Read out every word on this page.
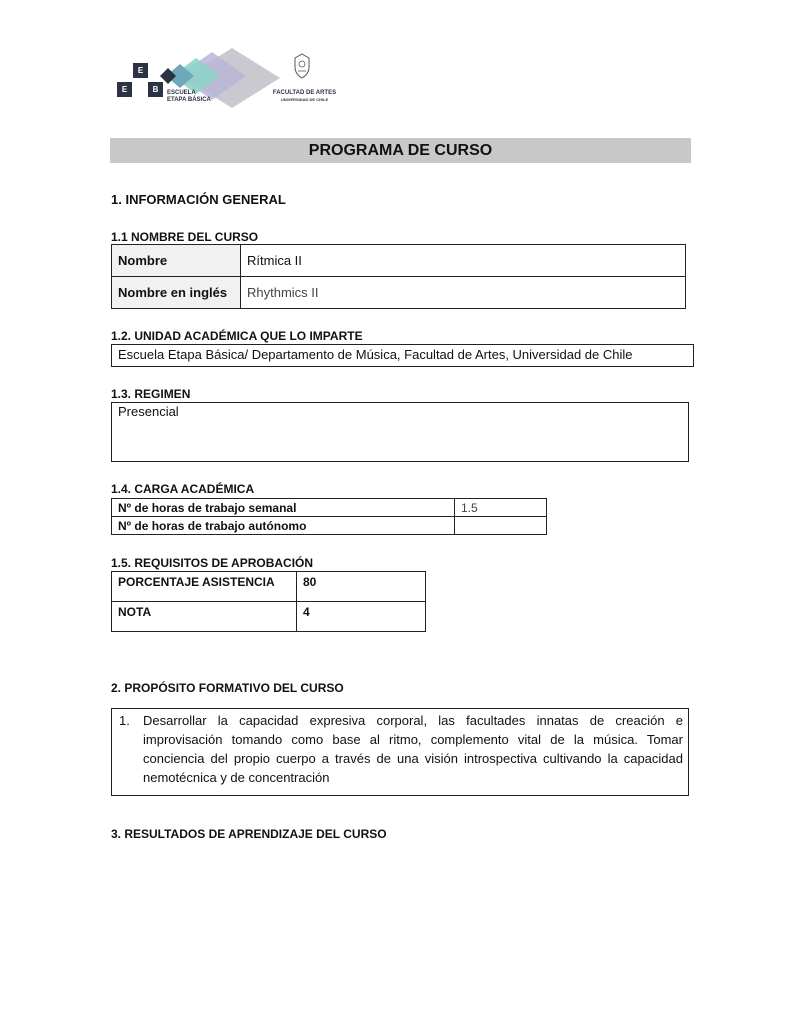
E
E	B	ESCUELA
ETAPA BÁSICA
FACULTAD DE ARTES
UNIVERSIDAD DE CHILE
PROGRAMA DE CURSO
1. INFORMACIÓN GENERAL
1.1 NOMBRE DEL CURSO
Nombre	Rítmica II
Nombre en inglés	Rhythmics II
1.2. UNIDAD ACADÉMICA QUE LO IMPARTE
Escuela Etapa Básica/ Departamento de Música, Facultad de Artes, Universidad de Chile
1.3. REGIMEN
Presencial
1.4. CARGA ACADÉMICA
Nº de horas de trabajo semanal	1.5
Nº de horas de trabajo autónomo	
1.5. REQUISITOS DE APROBACIÓN
PORCENTAJE ASISTENCIA	80
NOTA	4
2. PROPÓSITO FORMATIVO DEL CURSO
1. Desarrollar la capacidad expresiva corporal, las facultades innatas de creación e improvisación tomando como base al ritmo, complemento vital de la música. Tomar conciencia del propio cuerpo a través de una visión introspectiva cultivando la capacidad nemotécnica y de concentración
3. RESULTADOS DE APRENDIZAJE DEL CURSO
